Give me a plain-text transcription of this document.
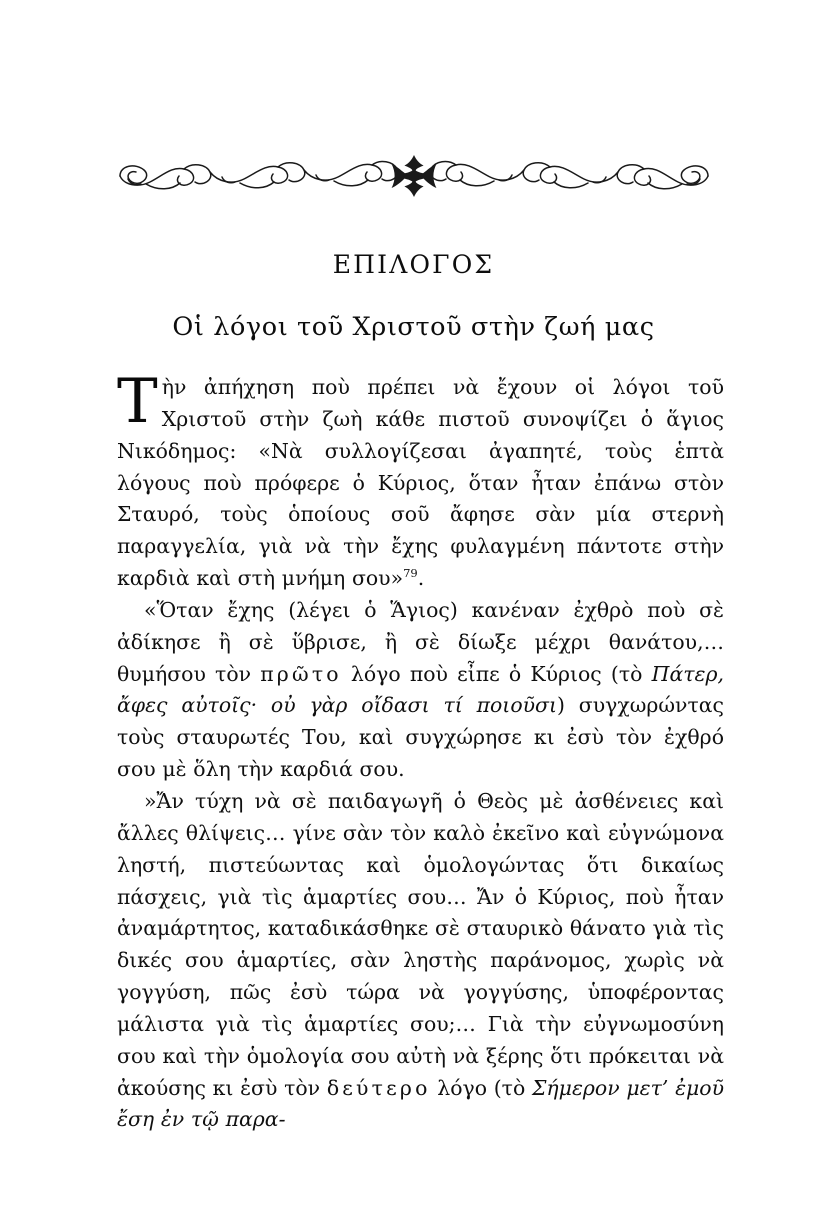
ΕΠΙΛΟΓΟΣ
Οἱ λόγοι τοῦ Χριστοῦ στὴν ζωή μας

Τὴν ἀπήχηση ποὺ πρέπει νὰ ἔχουν οἱ λόγοι τοῦ Χριστοῦ στὴν ζωὴ κάθε πιστοῦ συνοψίζει ὁ ἅγιος Νικόδημος: «Νὰ συλλογίζεσαι ἀγαπητέ, τοὺς ἑπτὰ λόγους ποὺ πρόφερε ὁ Κύριος, ὅταν ἦταν ἐπάνω στὸν Σταυρό, τοὺς ὁποίους σοῦ ἄφησε σὰν μία στερνὴ παραγγελία, γιὰ νὰ τὴν ἔχης φυλαγμένη πάντοτε στὴν καρδιὰ καὶ στὴ μνήμη σου»$^{79}$.

«Ὅταν ἔχης (λέγει ὁ Ἅγιος) κανέναν ἐχθρὸ ποὺ σὲ ἀδίκησε ἢ σὲ ὕβρισε, ἢ σὲ δίωξε μέχρι θανάτου,… θυμήσου τὸν πρῶτο λόγο ποὺ εἶπε ὁ Κύριος (τὸ Πάτερ, ἄφες αὐτοῖς· οὐ γὰρ οἴδασι τί ποιοῦσι) συγχωρώντας τοὺς σταυρωτές Του, καὶ συγχώρησε κι ἐσὺ τὸν ἐχθρό σου μὲ ὅλη τὴν καρδιά σου.

»Ἄν τύχη νὰ σὲ παιδαγωγῆ ὁ Θεὸς μὲ ἀσθένειες καὶ ἄλλες θλίψεις… γίνε σὰν τὸν καλὸ ἐκεῖνο καὶ εὐγνώμονα ληστή, πιστεύωντας καὶ ὁμολογώντας ὅτι δικαίως πάσχεις, γιὰ τὶς ἁμαρτίες σου… Ἄν ὁ Κύριος, ποὺ ἦταν ἀναμάρτητος, καταδικάσθηκε σὲ σταυρικὸ θάνατο γιὰ τὶς δικές σου ἁμαρτίες, σὰν ληστὴς παράνομος, χωρὶς νὰ γογγύση, πῶς ἐσὺ τώρα νὰ γογγύσης, ὑποφέροντας μάλιστα γιὰ τὶς ἁμαρτίες σου;… Γιὰ τὴν εὐγνωμοσύνη σου καὶ τὴν ὁμολογία σου αὐτὴ νὰ ξέρης ὅτι πρόκειται νὰ ἀκούσης κι ἐσὺ τὸν δεύτερο λόγο (τὸ Σήμερον μετ’ ἐμοῦ ἔση ἐν τῷ παρα-
